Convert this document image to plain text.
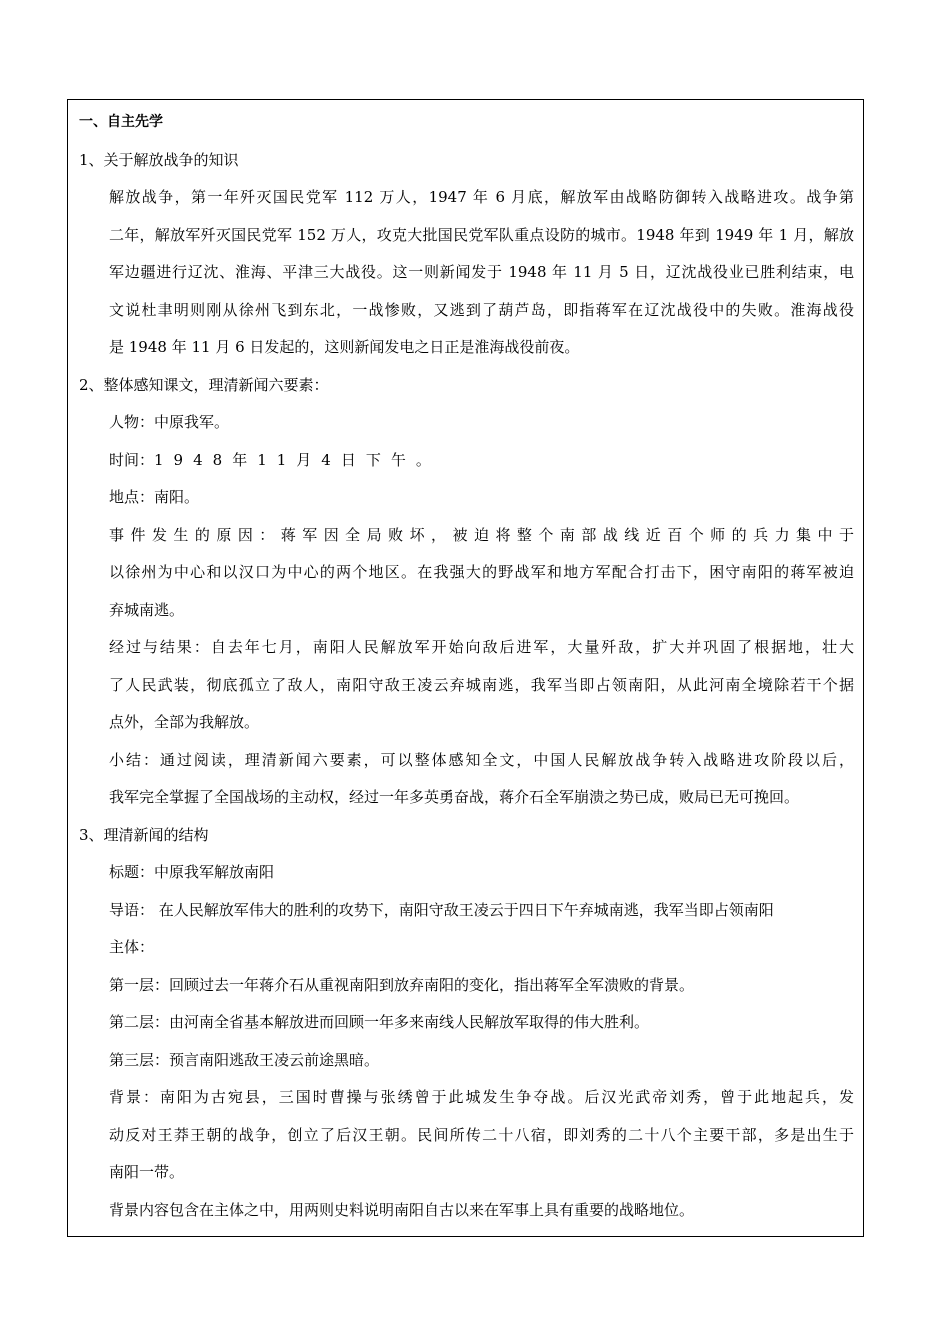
一、自主先学

1、关于解放战争的知识

解放战争，第一年歼灭国民党军 112 万人，1947 年 6 月底，解放军由战略防御转入战略进攻。战争第
二年，解放军歼灭国民党军 152 万人，攻克大批国民党军队重点设防的城市。1948 年到 1949 年 1 月，解放
军边疆进行辽沈、淮海、平津三大战役。这一则新闻发于 1948 年 11 月 5 日，辽沈战役业已胜利结束，电
文说杜聿明则刚从徐州飞到东北，一战惨败，又逃到了葫芦岛，即指蒋军在辽沈战役中的失败。淮海战役
是 1948 年 11 月 6 日发起的，这则新闻发电之日正是淮海战役前夜。

2、整体感知课文，理清新闻六要素：

人物：中原我军。

时间：1948年11月4日下午。

地点：南阳。

事件发生的原因：蒋军因全局败坏，被迫将整个南部战线近百个师的兵力集中于
以徐州为中心和以汉口为中心的两个地区。在我强大的野战军和地方军配合打击下，困守南阳的蒋军被迫
弃城南逃。
经过与结果：自去年七月，南阳人民解放军开始向敌后进军，大量歼敌，扩大并巩固了根据地，壮大
了人民武装，彻底孤立了敌人，南阳守敌王凌云弃城南逃，我军当即占领南阳，从此河南全境除若干个据
点外，全部为我解放。
小结：通过阅读，理清新闻六要素，可以整体感知全文，中国人民解放战争转入战略进攻阶段以后，
我军完全掌握了全国战场的主动权，经过一年多英勇奋战，蒋介石全军崩溃之势已成，败局已无可挽回。

3、理清新闻的结构

标题：中原我军解放南阳

导语： 在人民解放军伟大的胜利的攻势下，南阳守敌王凌云于四日下午弃城南逃，我军当即占领南阳

主体：

第一层：回顾过去一年蒋介石从重视南阳到放弃南阳的变化，指出蒋军全军溃败的背景。

第二层：由河南全省基本解放进而回顾一年多来南线人民解放军取得的伟大胜利。

第三层：预言南阳逃敌王凌云前途黑暗。

背景：南阳为古宛县，三国时曹操与张绣曾于此城发生争夺战。后汉光武帝刘秀，曾于此地起兵，发
动反对王莽王朝的战争，创立了后汉王朝。民间所传二十八宿，即刘秀的二十八个主要干部，多是出生于
南阳一带。

背景内容包含在主体之中，用两则史料说明南阳自古以来在军事上具有重要的战略地位。
